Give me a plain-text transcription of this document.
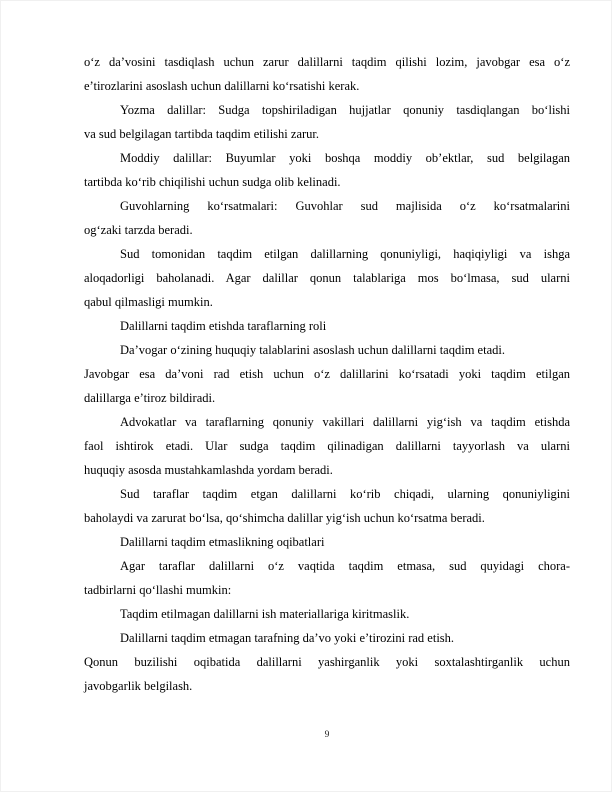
o‘z da’vosini tasdiqlash uchun zarur dalillarni taqdim qilishi lozim, javobgar esa o‘z
e’tirozlarini asoslash uchun dalillarni ko‘rsatishi kerak.
Yozma dalillar: Sudga topshiriladigan hujjatlar qonuniy tasdiqlangan bo‘lishi
va sud belgilagan tartibda taqdim etilishi zarur.
Moddiy dalillar: Buyumlar yoki boshqa moddiy ob’ektlar, sud belgilagan
tartibda ko‘rib chiqilishi uchun sudga olib kelinadi.
Guvohlarning ko‘rsatmalari: Guvohlar sud majlisida o‘z ko‘rsatmalarini
og‘zaki tarzda beradi.
Sud tomonidan taqdim etilgan dalillarning qonuniyligi, haqiqiyligi va ishga
aloqadorligi baholanadi. Agar dalillar qonun talablariga mos bo‘lmasa, sud ularni
qabul qilmasligi mumkin.
Dalillarni taqdim etishda taraflarning roli
Da’vogar o‘zining huquqiy talablarini asoslash uchun dalillarni taqdim etadi.
Javobgar esa da’voni rad etish uchun o‘z dalillarini ko‘rsatadi yoki taqdim etilgan
dalillarga e’tiroz bildiradi.
Advokatlar va taraflarning qonuniy vakillari dalillarni yig‘ish va taqdim etishda
faol ishtirok etadi. Ular sudga taqdim qilinadigan dalillarni tayyorlash va ularni
huquqiy asosda mustahkamlashda yordam beradi.
Sud taraflar taqdim etgan dalillarni ko‘rib chiqadi, ularning qonuniyligini
baholaydi va zarurat bo‘lsa, qo‘shimcha dalillar yig‘ish uchun ko‘rsatma beradi.
Dalillarni taqdim etmaslikning oqibatlari
Agar taraflar dalillarni o‘z vaqtida taqdim etmasa, sud quyidagi chora-
tadbirlarni qo‘llashi mumkin:
Taqdim etilmagan dalillarni ish materiallariga kiritmaslik.
Dalillarni taqdim etmagan tarafning da’vo yoki e’tirozini rad etish.
Qonun buzilishi oqibatida dalillarni yashirganlik yoki soxtalashtirganlik uchun
javobgarlik belgilash.
9
